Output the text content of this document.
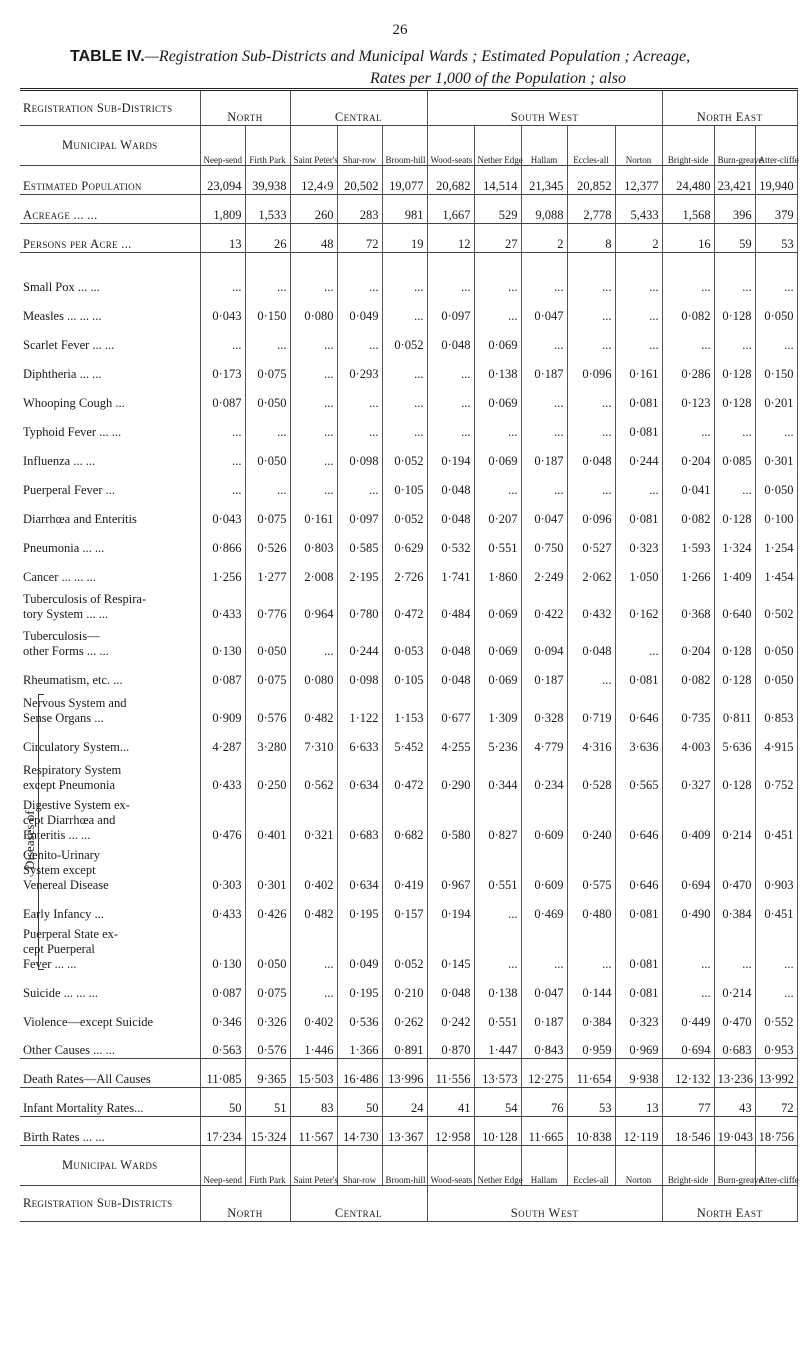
26
TABLE IV.—Registration Sub-Districts and Municipal Wards ; Estimated Population ; Acreage,
Rates per 1,000 of the Population ; also
Registration Sub-Districts	North		Central			South West					North East		
Municipal Wards	Neep-send	Firth Park	Saint Peter's	Shar-row	Broom-hill	Wood-seats	Nether Edge	Hallam	Eccles-all	Norton	Bright-side	Burn-greave	Atter-cliffe
Estimated Population	23,094	39,938	12,4‹9	20,502	19,077	20,682	14,514	21,345	20,852	12,377	24,480	23,421	19,940
Acreage ... ...	1,809	1,533	260	283	981	1,667	529	9,088	2,778	5,433	1,568	396	379
Persons per Acre ...	13	26	48	72	19	12	27	2	8	2	16	59	53
Small Pox ... ...	...	...	...	...	...	...	...	...	...	...	...	...	...
Measles ... ... ...	0·043	0·150	0·080	0·049	...	0·097	...	0·047	...	...	0·082	0·128	0·050
Scarlet Fever ... ...	...	...	...	...	0·052	0·048	0·069	...	...	...	...	...	...
Diphtheria ... ...	0·173	0·075	...	0·293	...	...	0·138	0·187	0·096	0·161	0·286	0·128	0·150
Whooping Cough ...	0·087	0·050	...	...	...	...	0·069	...	...	0·081	0·123	0·128	0·201
Typhoid Fever ... ...	...	...	...	...	...	...	...	...	...	0·081	...	...	...
Influenza ... ...	...	0·050	...	0·098	0·052	0·194	0·069	0·187	0·048	0·244	0·204	0·085	0·301
Puerperal Fever ...	...	...	...	...	0·105	0·048	...	...	...	...	0·041	...	0·050
Diarrhœa and Enteritis	0·043	0·075	0·161	0·097	0·052	0·048	0·207	0·047	0·096	0·081	0·082	0·128	0·100
Pneumonia ... ...	0·866	0·526	0·803	0·585	0·629	0·532	0·551	0·750	0·527	0·323	1·593	1·324	1·254
Cancer ... ... ...	1·256	1·277	2·008	2·195	2·726	1·741	1·860	2·249	2·062	1·050	1·266	1·409	1·454
Tuberculosis of Respira-
tory System ... ...	0·433	0·776	0·964	0·780	0·472	0·484	0·069	0·422	0·432	0·162	0·368	0·640	0·502
Tuberculosis—
other Forms ... ...	0·130	0·050	...	0·244	0·053	0·048	0·069	0·094	0·048	...	0·204	0·128	0·050
Rheumatism, etc. ...	0·087	0·075	0·080	0·098	0·105	0·048	0·069	0·187	...	0·081	0·082	0·128	0·050
Nervous System and
Sense Organs ...	0·909	0·576	0·482	1·122	1·153	0·677	1·309	0·328	0·719	0·646	0·735	0·811	0·853
Circulatory System...	4·287	3·280	7·310	6·633	5·452	4·255	5·236	4·779	4·316	3·636	4·003	5·636	4·915
Respiratory System
except Pneumonia	0·433	0·250	0·562	0·634	0·472	0·290	0·344	0·234	0·528	0·565	0·327	0·128	0·752
Digestive System ex-
cept Diarrhœa and
Enteritis ... ...	0·476	0·401	0·321	0·683	0·682	0·580	0·827	0·609	0·240	0·646	0·409	0·214	0·451
Genito-Urinary
System except
Venereal Disease	0·303	0·301	0·402	0·634	0·419	0·967	0·551	0·609	0·575	0·646	0·694	0·470	0·903
Early Infancy ...	0·433	0·426	0·482	0·195	0·157	0·194	...	0·469	0·480	0·081	0·490	0·384	0·451
Puerperal State ex-
cept Puerperal
Fever ... ...	0·130	0·050	...	0·049	0·052	0·145	...	...	...	0·081	...	...	...
Suicide ... ... ...	0·087	0·075	...	0·195	0·210	0·048	0·138	0·047	0·144	0·081	...	0·214	...
Violence—except Suicide	0·346	0·326	0·402	0·536	0·262	0·242	0·551	0·187	0·384	0·323	0·449	0·470	0·552
Other Causes ... ...	0·563	0·576	1·446	1·366	0·891	0·870	1·447	0·843	0·959	0·969	0·694	0·683	0·953
Death Rates—All Causes	11·085	9·365	15·503	16·486	13·996	11·556	13·573	12·275	11·654	9·938	12·132	13·236	13·992
Infant Mortality Rates...	50	51	83	50	24	41	54	76	53	13	77	43	72
Birth Rates ... ...	17·234	15·324	11·567	14·730	13·367	12·958	10·128	11·665	10·838	12·119	18·546	19·043	18·756
Municipal Wards	Neep-send	Firth Park	Saint Peter's	Shar-row	Broom-hill	Wood-seats	Nether Edge	Hallam	Eccles-all	Norton	Bright-side	Burn-greave	Atter-cliffe
Registration Sub-Districts	North		Central			South West					North East		
Diseases of
